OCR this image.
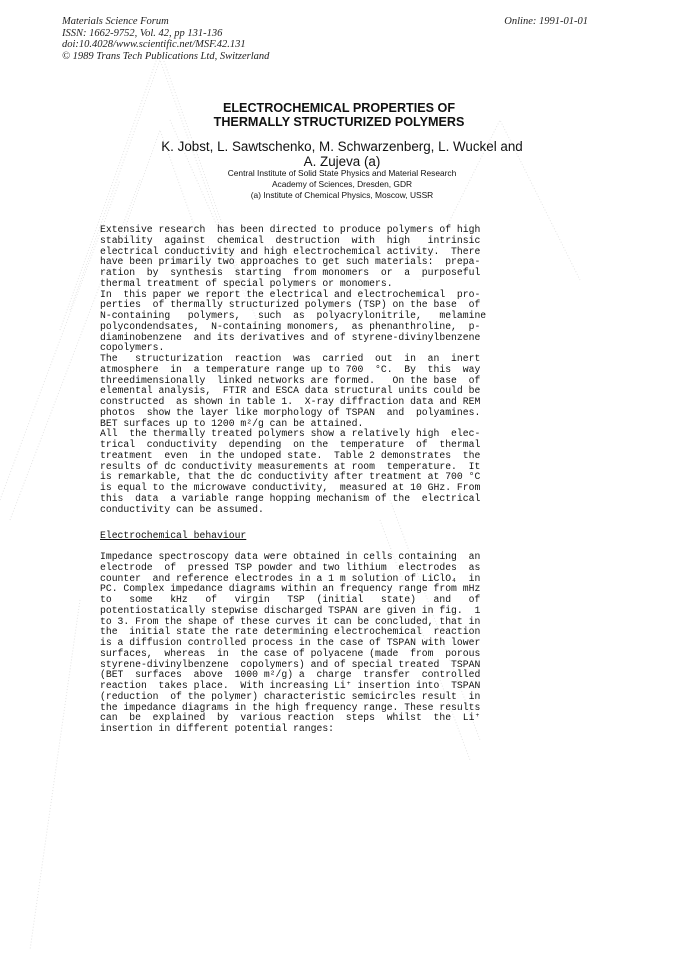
Materials Science Forum
ISSN: 1662-9752, Vol. 42, pp 131-136
doi:10.4028/www.scientific.net/MSF.42.131
© 1989 Trans Tech Publications Ltd, Switzerland
Online: 1991-01-01
ELECTROCHEMICAL PROPERTIES OF
THERMALLY STRUCTURIZED POLYMERS
K. Jobst, L. Sawtschenko, M. Schwarzenberg, L. Wuckel and
A. Zujeva (a)
Central Institute of Solid State Physics and Material Research
Academy of Sciences, Dresden, GDR
(a) Institute of Chemical Physics, Moscow, USSR
Extensive research  has been directed to produce polymers of high
stability  against  chemical  destruction  with  high   intrinsic
electrical conductivity and high electrochemical activity.  There
have been primarily two approaches to get such materials:  prepa-
ration  by  synthesis  starting  from monomers  or  a  purposeful
thermal treatment of special polymers or monomers.
In  this paper we report the electrical and electrochemical  pro-
perties  of thermally structurized polymers (TSP) on the base  of
N-containing   polymers,   such  as  polyacrylonitrile,   melamine
polycondendsates,  N-containing monomers,  as phenanthroline,  p-
diaminobenzene  and its derivatives and of styrene-divinylbenzene
copolymers.
The   structurization  reaction  was  carried  out  in  an  inert
atmosphere  in  a temperature range up to 700  °C.  By  this  way
threedimensionally  linked networks are formed.   On the base  of
elemental analysis,  FTIR and ESCA data structural units could be
constructed  as shown in table 1.  X-ray diffraction data and REM
photos  show the layer like morphology of TSPAN  and  polyamines.
BET surfaces up to 1200 m²/g can be attained.
All  the thermally treated polymers show a relatively high  elec-
trical  conductivity  depending  on the  temperature  of  thermal
treatment  even  in the undoped state.  Table 2 demonstrates  the
results of dc conductivity measurements at room  temperature.  It
is remarkable, that the dc conductivity after treatment at 700 °C
is equal to the microwave conductivity,  measured at 10 GHz. From
this  data  a variable range hopping mechanism of the  electrical
conductivity can be assumed.
Electrochemical behaviour
Impedance spectroscopy data were obtained in cells containing  an
electrode  of  pressed TSP powder and two lithium  electrodes  as
counter  and reference electrodes in a 1 m solution of LiClO₄  in
PC. Complex impedance diagrams within an frequency range from mHz
to   some   kHz   of   virgin   TSP  (initial   state)   and   of
potentiostatically stepwise discharged TSPAN are given in fig.  1
to 3. From the shape of these curves it can be concluded, that in
the  initial state the rate determining electrochemical  reaction
is a diffusion controlled process in the case of TSPAN with lower
surfaces,  whereas  in  the case of polyacene (made  from  porous
styrene-divinylbenzene  copolymers) and of special treated  TSPAN
(BET  surfaces  above  1000 m²/g) a  charge  transfer  controlled
reaction  takes place.  With increasing Li⁺ insertion into  TSPAN
(reduction  of the polymer) characteristic semicircles result  in
the impedance diagrams in the high frequency range. These results
can  be  explained  by  various reaction  steps  whilst  the  Li⁺
insertion in different potential ranges:
